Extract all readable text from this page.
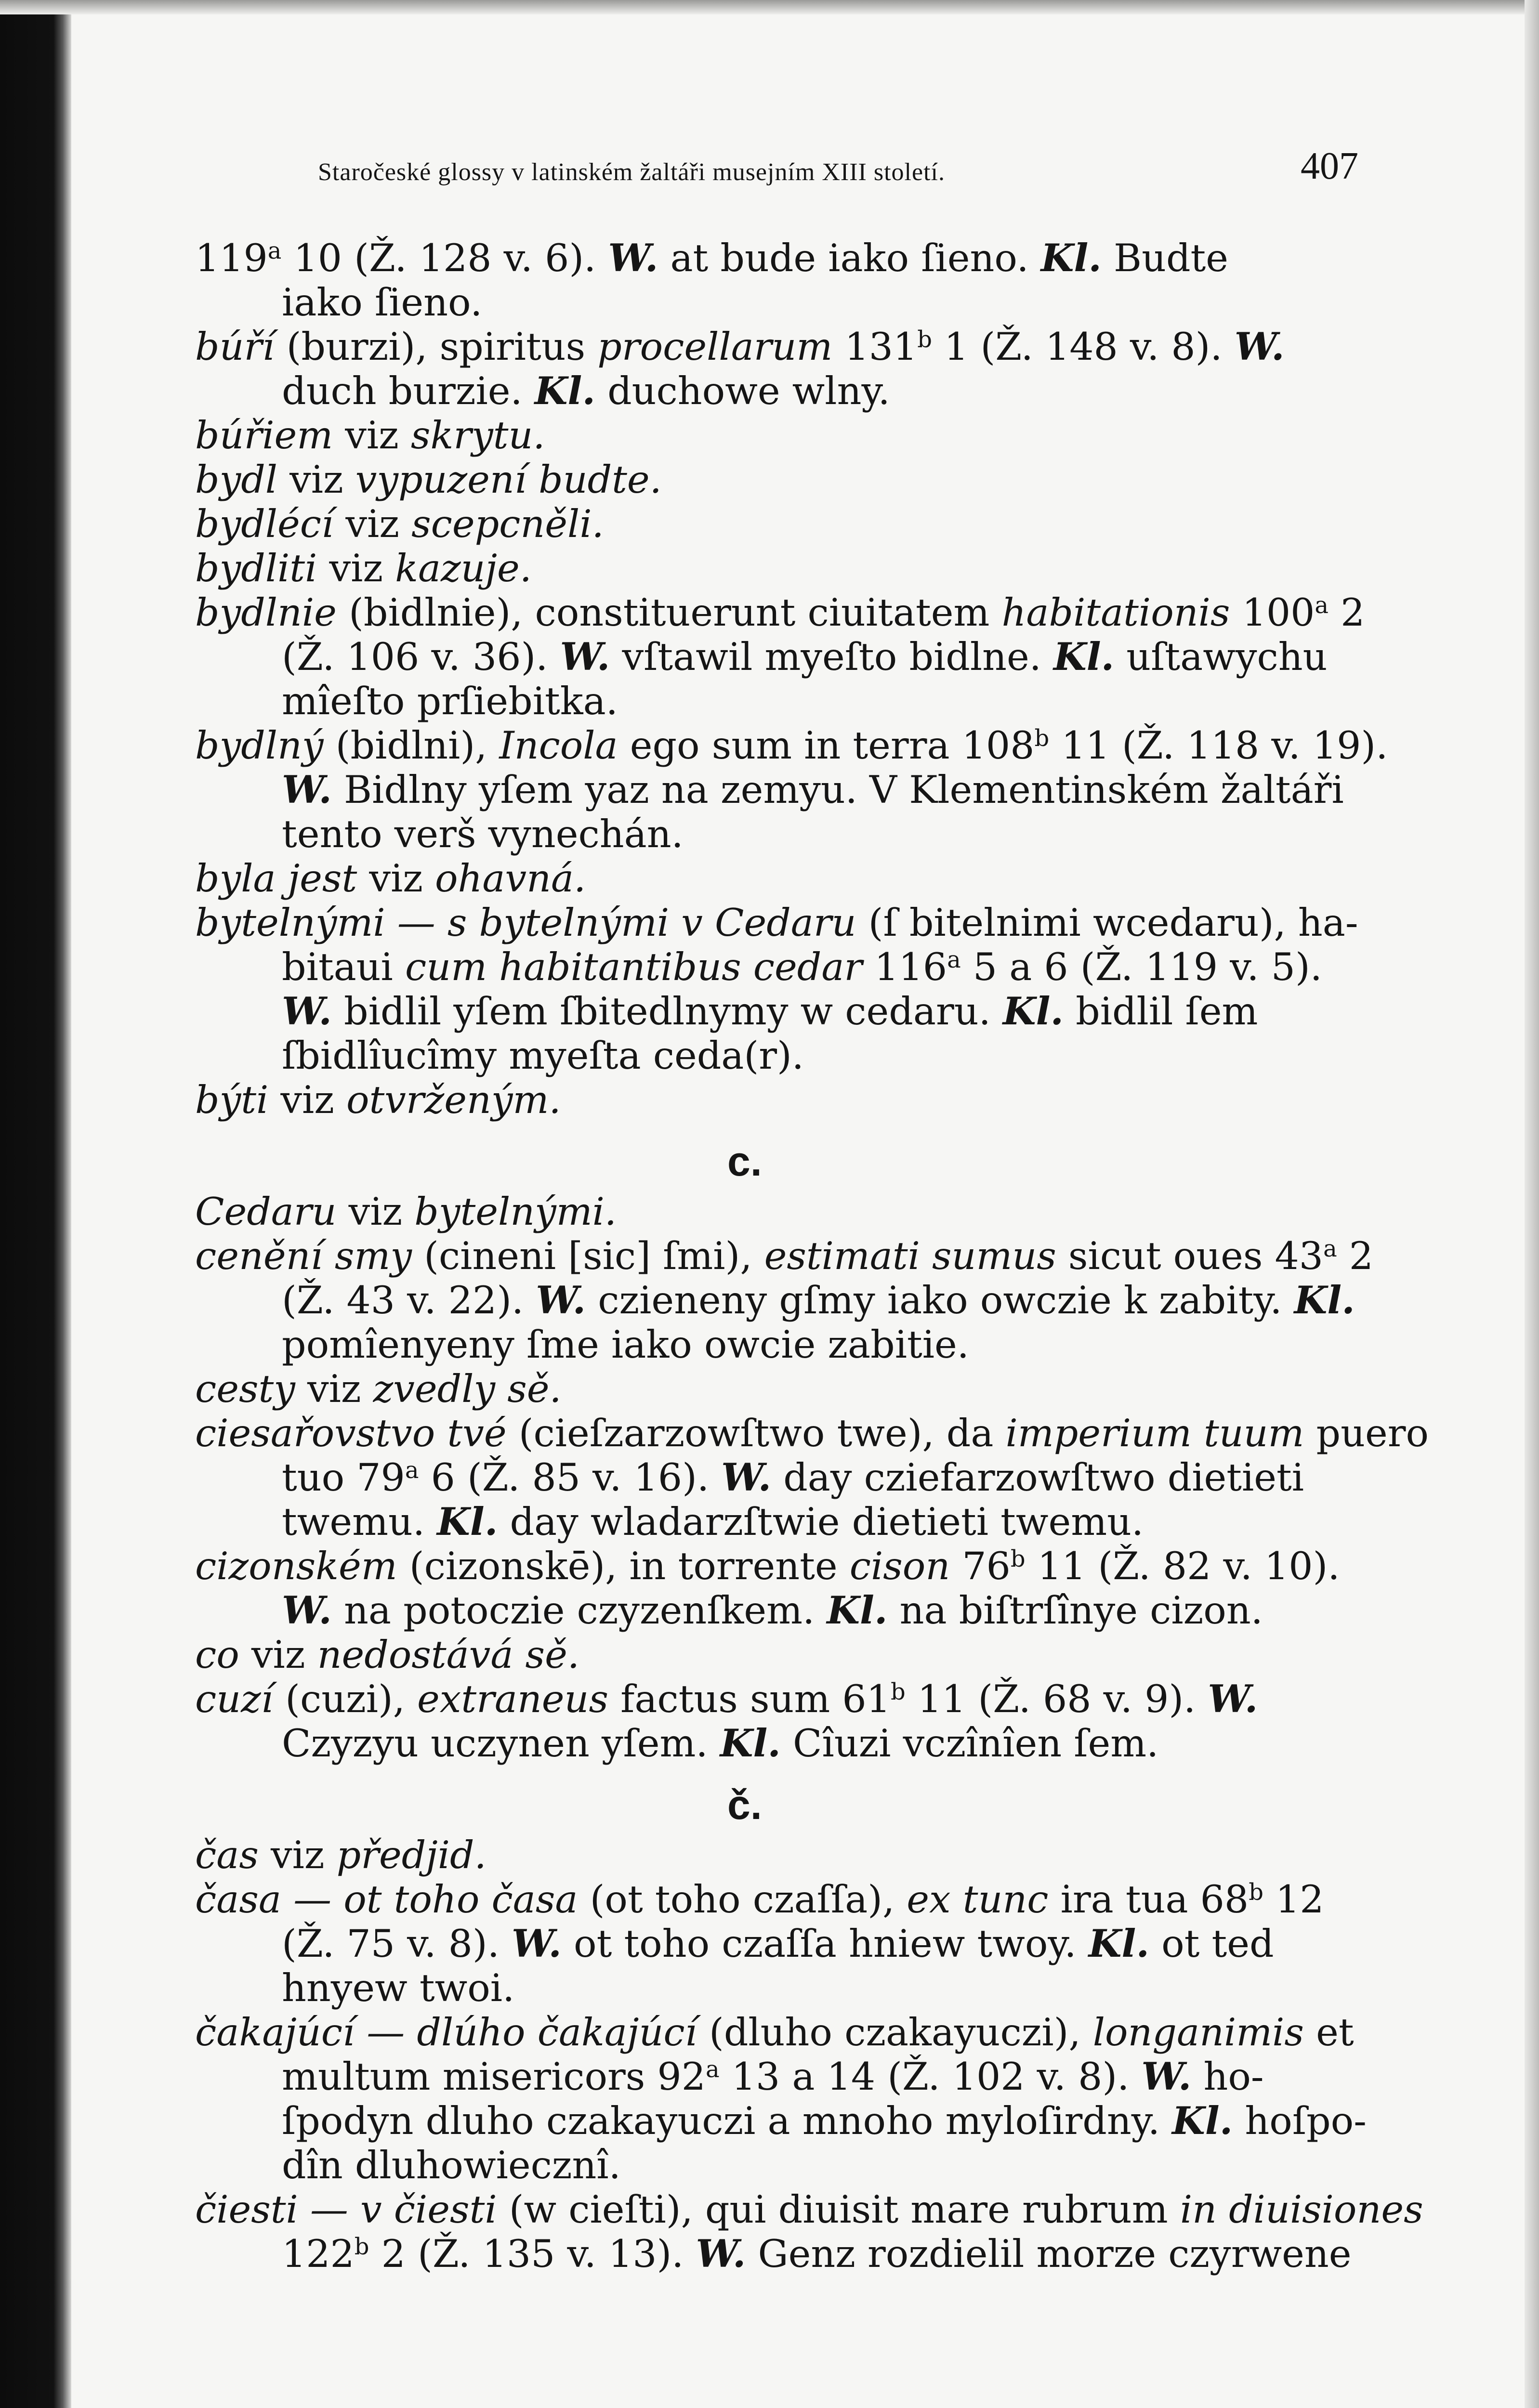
Staročeské glossy v latinském žaltáři musejním XIII století.	407

119$^a$ 10 (Ž. 128 v. 6). W. at bude iako ſieno. Kl. Budte

iako ſieno.

búří (burzi), spiritus procellarum 131$^b$ 1 (Ž. 148 v. 8). W.

duch burzie. Kl. duchowe wlny.

búřiem viz skrytu.

bydl viz vypuzení budte.

bydlécí viz scepcněli.

bydliti viz kazuje.

bydlnie (bidlnie), constituerunt ciuitatem habitationis 100$^a$ 2

(Ž. 106 v. 36). W. vſtawil myeſto bidlne. Kl. uſtawychu

mîeſto prſiebitka.

bydlný (bidlni), Incola ego sum in terra 108$^b$ 11 (Ž. 118 v. 19).

W. Bidlny yſem yaz na zemyu. V Klementinském žaltáři

tento verš vynechán.

byla jest viz ohavná.

bytelnými — s bytelnými v Cedaru (ſ bitelnimi wcedaru), ha-

bitaui cum habitantibus cedar 116$^a$ 5 a 6 (Ž. 119 v. 5).

W. bidlil yſem ſbitedlnymy w cedaru. Kl. bidlil ſem

ſbidlîucîmy myeſta ceda(r).

býti viz otvrženým.

c.

Cedaru viz bytelnými.

cenění smy (cineni [sic] ſmi), estimati sumus sicut oues 43$^a$ 2

(Ž. 43 v. 22). W. czieneny gſmy iako owczie k zabity. Kl.

pomîenyeny ſme iako owcie zabitie.

cesty viz zvedly sě.

ciesařovstvo tvé (cieſzarzowſtwo twe), da imperium tuum puero

tuo 79$^a$ 6 (Ž. 85 v. 16). W. day cziefarzowſtwo dietieti

twemu. Kl. day wladarzſtwie dietieti twemu.

cizonském (cizonskē), in torrente cison 76$^b$ 11 (Ž. 82 v. 10).

W. na potoczie czyzenſkem. Kl. na biſtrſînye cizon.

co viz nedostává sě.

cuzí (cuzi), extraneus factus sum 61$^b$ 11 (Ž. 68 v. 9). W.

Czyzyu uczynen yſem. Kl. Cîuzi vczînîen ſem.

č.

čas viz předjid.

časa — ot toho časa (ot toho czaſſa), ex tunc ira tua 68$^b$ 12

(Ž. 75 v. 8). W. ot toho czaſſa hniew twoy. Kl. ot ted

hnyew twoi.

čakajúcí — dlúho čakajúcí (dluho czakayuczi), longanimis et

multum misericors 92$^a$ 13 a 14 (Ž. 102 v. 8). W. ho-

ſpodyn dluho czakayuczi a mnoho myloſirdny. Kl. hoſpo-

dîn dluhowiecznî.

čiesti — v čiesti (w cieſti), qui diuisit mare rubrum in diuisiones

122$^b$ 2 (Ž. 135 v. 13). W. Genz rozdielil morze czyrwene
